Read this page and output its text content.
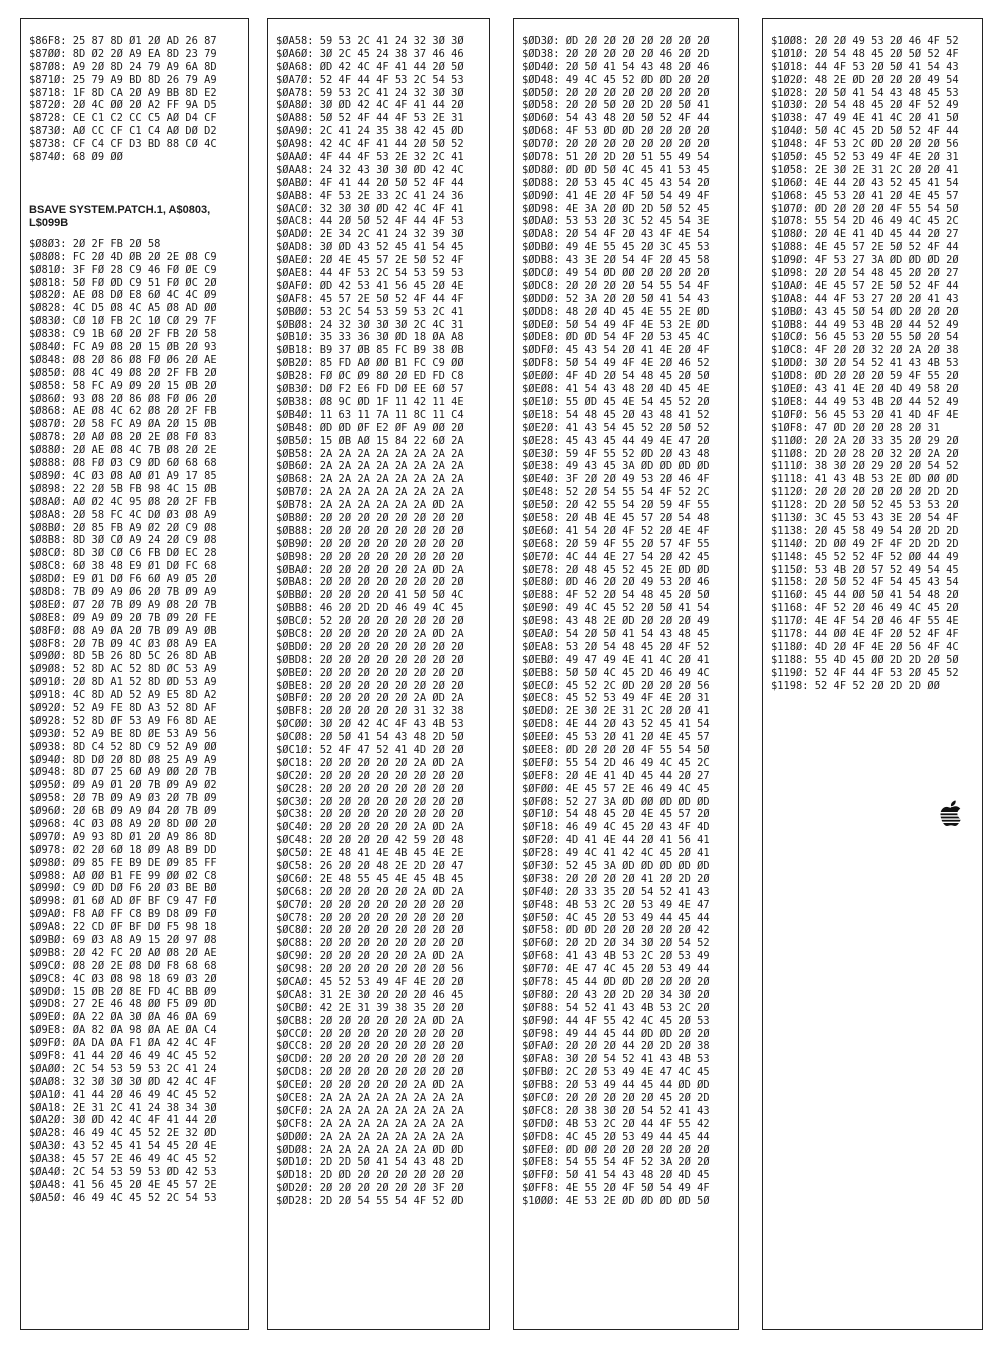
$86F8: 25 87 8D Ø1 2Ø AD 26 87
$87ØØ: 8D Ø2 2Ø A9 EA 8D 23 79
$87Ø8: A9 2Ø 8D 24 79 A9 6A 8D
$871Ø: 25 79 A9 BD 8D 26 79 A9
$8718: 1F 8D CA 2Ø A9 BB 8D E2
$872Ø: 2Ø 4C ØØ 2Ø A2 FF 9A D5
$8728: CE C1 C2 CC C5 AØ D4 CF
$873Ø: AØ CC CF C1 C4 AØ DØ D2
$8738: CF C4 CF D3 BD 88 CØ 4C
$874Ø: 68 Ø9 ØØ
BSAVE SYSTEM.PATCH.1, A$0803, L$099B
$Ø8Ø3: 2Ø 2F FB 2Ø 58
$Ø8Ø8: FC 2Ø 4D ØB 2Ø 2E Ø8 C9
$Ø81Ø: 3F FØ 28 C9 46 FØ ØE C9
$Ø818: 5Ø FØ ØD C9 51 FØ ØC 2Ø
$Ø82Ø: AE Ø8 DØ E8 6Ø 4C 4C Ø9
$Ø828: 4C D5 Ø8 4C A5 Ø8 AD ØØ
$Ø83Ø: CØ 1Ø FB 2C 1Ø CØ 29 7F
$Ø838: C9 1B 6Ø 2Ø 2F FB 2Ø 58
$Ø84Ø: FC A9 Ø8 2Ø 15 ØB 2Ø 93
$Ø848: Ø8 2Ø 86 Ø8 FØ Ø6 2Ø AE
$Ø85Ø: Ø8 4C 49 Ø8 2Ø 2F FB 2Ø
$Ø858: 58 FC A9 Ø9 2Ø 15 ØB 2Ø
$Ø86Ø: 93 Ø8 2Ø 86 Ø8 FØ Ø6 2Ø
$Ø868: AE Ø8 4C 62 Ø8 2Ø 2F FB
$Ø87Ø: 2Ø 58 FC A9 ØA 2Ø 15 ØB
$Ø878: 2Ø AØ Ø8 2Ø 2E Ø8 FØ 83
$Ø88Ø: 2Ø AE Ø8 4C 7B Ø8 2Ø 2E
$Ø888: Ø8 FØ Ø3 C9 ØD 6Ø 68 68
$Ø89Ø: 4C Ø3 Ø8 AØ Ø1 A9 17 85
$Ø898: 22 2Ø 5B FB 98 4C 15 ØB
$Ø8AØ: AØ Ø2 4C 95 Ø8 2Ø 2F FB
$Ø8A8: 2Ø 58 FC 4C DØ Ø3 Ø8 A9
$Ø8BØ: 2Ø 85 FB A9 Ø2 2Ø C9 Ø8
$Ø8B8: 8D 3Ø CØ A9 24 2Ø C9 Ø8
$Ø8CØ: 8D 3Ø CØ C6 FB DØ EC 28
$Ø8C8: 6Ø 38 48 E9 Ø1 DØ FC 68
$Ø8DØ: E9 Ø1 DØ F6 6Ø A9 Ø5 2Ø
$Ø8D8: 7B Ø9 A9 Ø6 2Ø 7B Ø9 A9
$Ø8EØ: Ø7 2Ø 7B Ø9 A9 Ø8 2Ø 7B
$Ø8E8: Ø9 A9 Ø9 2Ø 7B Ø9 2Ø FE
$Ø8FØ: Ø8 A9 ØA 2Ø 7B Ø9 A9 ØB
$Ø8F8: 2Ø 7B Ø9 4C Ø3 Ø8 A9 EA
$Ø9ØØ: 8D 5B 26 8D 5C 26 8D AB
$Ø9Ø8: 52 8D AC 52 8D ØC 53 A9
$Ø91Ø: 2Ø 8D A1 52 8D ØD 53 A9
$Ø918: 4C 8D AD 52 A9 E5 8D A2
$Ø92Ø: 52 A9 FE 8D A3 52 8D AF
$Ø928: 52 8D ØF 53 A9 F6 8D AE
$Ø93Ø: 52 A9 BE 8D ØE 53 A9 56
$Ø938: 8D C4 52 8D C9 52 A9 ØØ
$Ø94Ø: 8D DØ 2Ø 8D Ø8 25 A9 A9
$Ø948: 8D Ø7 25 6Ø A9 ØØ 2Ø 7B
$Ø95Ø: Ø9 A9 Ø1 2Ø 7B Ø9 A9 Ø2
$Ø958: 2Ø 7B Ø9 A9 Ø3 2Ø 7B Ø9
$Ø96Ø: 2Ø 6B Ø9 A9 Ø4 2Ø 7B Ø9
$Ø968: 4C Ø3 Ø8 A9 2Ø 8D ØØ 2Ø
$Ø97Ø: A9 93 8D Ø1 2Ø A9 86 8D
$Ø978: Ø2 2Ø 6Ø 18 Ø9 A8 B9 DD
$Ø98Ø: Ø9 85 FE B9 DE Ø9 85 FF
$Ø988: AØ ØØ B1 FE 99 ØØ Ø2 C8
$Ø99Ø: C9 ØD DØ F6 2Ø Ø3 BE BØ
$Ø998: Ø1 6Ø AD ØF BF C9 47 FØ
$Ø9AØ: F8 AØ FF C8 B9 D8 Ø9 FØ
$Ø9A8: 22 CD ØF BF DØ F5 98 18
$Ø9BØ: 69 Ø3 A8 A9 15 2Ø 97 Ø8
$Ø9B8: 2Ø 42 FC 2Ø AØ Ø8 2Ø AE
$Ø9CØ: Ø8 2Ø 2E Ø8 DØ F8 68 68
$Ø9C8: 4C Ø3 Ø8 98 18 69 Ø3 2Ø
$Ø9DØ: 15 ØB 2Ø 8E FD 4C BB Ø9
$Ø9D8: 27 2E 46 48 ØØ F5 Ø9 ØD
$Ø9EØ: ØA 22 ØA 3Ø ØA 46 ØA 69
$Ø9E8: ØA 82 ØA 98 ØA AE ØA C4
$Ø9FØ: ØA DA ØA F1 ØA 42 4C 4F
$Ø9F8: 41 44 2Ø 46 49 4C 45 52
$ØAØØ: 2C 54 53 59 53 2C 41 24
$ØAØ8: 32 3Ø 3Ø 3Ø ØD 42 4C 4F
$ØA1Ø: 41 44 2Ø 46 49 4C 45 52
$ØA18: 2E 31 2C 41 24 38 34 3Ø
$ØA2Ø: 3Ø ØD 42 4C 4F 41 44 2Ø
$ØA28: 46 49 4C 45 52 2E 32 ØD
$ØA3Ø: 43 52 45 41 54 45 2Ø 4E
$ØA38: 45 57 2E 46 49 4C 45 52
$ØA4Ø: 2C 54 53 59 53 ØD 42 53
$ØA48: 41 56 45 2Ø 4E 45 57 2E
$ØA5Ø: 46 49 4C 45 52 2C 54 53
$ØA58: 59 53 2C 41 24 32 3Ø 3Ø
$ØA6Ø: 3Ø 2C 45 24 38 37 46 46
$ØA68: ØD 42 4C 4F 41 44 2Ø 5Ø
$ØA7Ø: 52 4F 44 4F 53 2C 54 53
$ØA78: 59 53 2C 41 24 32 3Ø 3Ø
$ØA8Ø: 3Ø ØD 42 4C 4F 41 44 2Ø
$ØA88: 5Ø 52 4F 44 4F 53 2E 31
$ØA9Ø: 2C 41 24 35 38 42 45 ØD
$ØA98: 42 4C 4F 41 44 2Ø 5Ø 52
$ØAAØ: 4F 44 4F 53 2E 32 2C 41
$ØAA8: 24 32 43 3Ø 3Ø ØD 42 4C
$ØABØ: 4F 41 44 2Ø 5Ø 52 4F 44
$ØAB8: 4F 53 2E 33 2C 41 24 36
$ØACØ: 32 3Ø 3Ø ØD 42 4C 4F 41
$ØAC8: 44 2Ø 5Ø 52 4F 44 4F 53
$ØADØ: 2E 34 2C 41 24 32 39 3Ø
$ØAD8: 3Ø ØD 43 52 45 41 54 45
$ØAEØ: 2Ø 4E 45 57 2E 5Ø 52 4F
$ØAE8: 44 4F 53 2C 54 53 59 53
$ØAFØ: ØD 42 53 41 56 45 2Ø 4E
$ØAF8: 45 57 2E 5Ø 52 4F 44 4F
$ØBØØ: 53 2C 54 53 59 53 2C 41
$ØBØ8: 24 32 3Ø 3Ø 3Ø 2C 4C 31
$ØB1Ø: 35 33 36 3Ø ØD 18 ØA A8
$ØB18: B9 37 ØB 85 FC B9 38 ØB
$ØB2Ø: 85 FD AØ ØØ B1 FC C9 ØØ
$ØB28: FØ ØC Ø9 8Ø 2Ø ED FD C8
$ØB3Ø: DØ F2 E6 FD DØ EE 6Ø 57
$ØB38: Ø8 9C ØD 1F 11 42 11 4E
$ØB4Ø: 11 63 11 7A 11 8C 11 C4
$ØB48: ØD ØD ØF E2 ØF A9 ØØ 2Ø
$ØB5Ø: 15 ØB AØ 15 84 22 6Ø 2A
$ØB58: 2A 2A 2A 2A 2A 2A 2A 2A
$ØB6Ø: 2A 2A 2A 2A 2A 2A 2A 2A
$ØB68: 2A 2A 2A 2A 2A 2A 2A 2A
$ØB7Ø: 2A 2A 2A 2A 2A 2A 2A 2A
$ØB78: 2A 2A 2A 2A 2A 2A ØD 2A
$ØB8Ø: 2Ø 2Ø 2Ø 2Ø 2Ø 2Ø 2Ø 2Ø
$ØB88: 2Ø 2Ø 2Ø 2Ø 2Ø 2Ø 2Ø 2Ø
$ØB9Ø: 2Ø 2Ø 2Ø 2Ø 2Ø 2Ø 2Ø 2Ø
$ØB98: 2Ø 2Ø 2Ø 2Ø 2Ø 2Ø 2Ø 2Ø
$ØBAØ: 2Ø 2Ø 2Ø 2Ø 2Ø 2A ØD 2A
$ØBA8: 2Ø 2Ø 2Ø 2Ø 2Ø 2Ø 2Ø 2Ø
$ØBBØ: 2Ø 2Ø 2Ø 2Ø 41 5Ø 5Ø 4C
$ØBB8: 46 2Ø 2D 2D 46 49 4C 45
$ØBCØ: 52 2Ø 2Ø 2Ø 2Ø 2Ø 2Ø 2Ø
$ØBC8: 2Ø 2Ø 2Ø 2Ø 2Ø 2A ØD 2A
$ØBDØ: 2Ø 2Ø 2Ø 2Ø 2Ø 2Ø 2Ø 2Ø
$ØBD8: 2Ø 2Ø 2Ø 2Ø 2Ø 2Ø 2Ø 2Ø
$ØBEØ: 2Ø 2Ø 2Ø 2Ø 2Ø 2Ø 2Ø 2Ø
$ØBE8: 2Ø 2Ø 2Ø 2Ø 2Ø 2Ø 2Ø 2Ø
$ØBFØ: 2Ø 2Ø 2Ø 2Ø 2Ø 2A ØD 2A
$ØBF8: 2Ø 2Ø 2Ø 2Ø 2Ø 31 32 38
$ØCØØ: 3Ø 2Ø 42 4C 4F 43 4B 53
$ØCØ8: 2Ø 5Ø 41 54 43 48 2D 5Ø
$ØC1Ø: 52 4F 47 52 41 4D 2Ø 2Ø
$ØC18: 2Ø 2Ø 2Ø 2Ø 2Ø 2A ØD 2A
$ØC2Ø: 2Ø 2Ø 2Ø 2Ø 2Ø 2Ø 2Ø 2Ø
$ØC28: 2Ø 2Ø 2Ø 2Ø 2Ø 2Ø 2Ø 2Ø
$ØC3Ø: 2Ø 2Ø 2Ø 2Ø 2Ø 2Ø 2Ø 2Ø
$ØC38: 2Ø 2Ø 2Ø 2Ø 2Ø 2Ø 2Ø 2Ø
$ØC4Ø: 2Ø 2Ø 2Ø 2Ø 2Ø 2A ØD 2A
$ØC48: 2Ø 2Ø 2Ø 2Ø 42 59 2Ø 48
$ØC5Ø: 2E 48 41 4E 4B 45 4E 2E
$ØC58: 26 2Ø 2Ø 48 2E 2D 2Ø 47
$ØC6Ø: 2E 48 55 45 4E 45 4B 45
$ØC68: 2Ø 2Ø 2Ø 2Ø 2Ø 2A ØD 2A
$ØC7Ø: 2Ø 2Ø 2Ø 2Ø 2Ø 2Ø 2Ø 2Ø
$ØC78: 2Ø 2Ø 2Ø 2Ø 2Ø 2Ø 2Ø 2Ø
$ØC8Ø: 2Ø 2Ø 2Ø 2Ø 2Ø 2Ø 2Ø 2Ø
$ØC88: 2Ø 2Ø 2Ø 2Ø 2Ø 2Ø 2Ø 2Ø
$ØC9Ø: 2Ø 2Ø 2Ø 2Ø 2Ø 2A ØD 2A
$ØC98: 2Ø 2Ø 2Ø 2Ø 2Ø 2Ø 2Ø 56
$ØCAØ: 45 52 53 49 4F 4E 2Ø 2Ø
$ØCA8: 31 2E 3Ø 2Ø 2Ø 2Ø 46 45
$ØCBØ: 42 2E 31 39 38 35 2Ø 2Ø
$ØCB8: 2Ø 2Ø 2Ø 2Ø 2Ø 2A ØD 2A
$ØCCØ: 2Ø 2Ø 2Ø 2Ø 2Ø 2Ø 2Ø 2Ø
$ØCC8: 2Ø 2Ø 2Ø 2Ø 2Ø 2Ø 2Ø 2Ø
$ØCDØ: 2Ø 2Ø 2Ø 2Ø 2Ø 2Ø 2Ø 2Ø
$ØCD8: 2Ø 2Ø 2Ø 2Ø 2Ø 2Ø 2Ø 2Ø
$ØCEØ: 2Ø 2Ø 2Ø 2Ø 2Ø 2A ØD 2A
$ØCE8: 2A 2A 2A 2A 2A 2A 2A 2A
$ØCFØ: 2A 2A 2A 2A 2A 2A 2A 2A
$ØCF8: 2A 2A 2A 2A 2A 2A 2A 2A
$ØDØØ: 2A 2A 2A 2A 2A 2A 2A 2A
$ØDØ8: 2A 2A 2A 2A 2A 2A ØD ØD
$ØD1Ø: 2D 2D 5Ø 41 54 43 48 2D
$ØD18: 2D ØD 2Ø 2Ø 2Ø 2Ø 2Ø 2Ø
$ØD2Ø: 2Ø 2Ø 2Ø 2Ø 2Ø 2Ø 3F 2Ø
$ØD28: 2D 2Ø 54 55 54 4F 52 ØD
$ØD3Ø: ØD 2Ø 2Ø 2Ø 2Ø 2Ø 2Ø 2Ø
$ØD38: 2Ø 2Ø 2Ø 2Ø 2Ø 46 2Ø 2D
$ØD4Ø: 2Ø 5Ø 41 54 43 48 2Ø 46
$ØD48: 49 4C 45 52 ØD ØD 2Ø 2Ø
$ØD5Ø: 2Ø 2Ø 2Ø 2Ø 2Ø 2Ø 2Ø 2Ø
$ØD58: 2Ø 2Ø 5Ø 2Ø 2D 2Ø 5Ø 41
$ØD6Ø: 54 43 48 2Ø 5Ø 52 4F 44
$ØD68: 4F 53 ØD ØD 2Ø 2Ø 2Ø 2Ø
$ØD7Ø: 2Ø 2Ø 2Ø 2Ø 2Ø 2Ø 2Ø 2Ø
$ØD78: 51 2Ø 2D 2Ø 51 55 49 54
$ØD8Ø: ØD ØD 5Ø 4C 45 41 53 45
$ØD88: 2Ø 53 45 4C 45 43 54 2Ø
$ØD9Ø: 41 4E 2Ø 4F 5Ø 54 49 4F
$ØD98: 4E 3A 2Ø ØD 2D 5Ø 52 45
$ØDAØ: 53 53 2Ø 3C 52 45 54 3E
$ØDA8: 2Ø 54 4F 2Ø 43 4F 4E 54
$ØDBØ: 49 4E 55 45 2Ø 3C 45 53
$ØDB8: 43 3E 2Ø 54 4F 2Ø 45 58
$ØDCØ: 49 54 ØD ØØ 2Ø 2Ø 2Ø 2Ø
$ØDC8: 2Ø 2Ø 2Ø 2Ø 54 55 54 4F
$ØDDØ: 52 3A 2Ø 2Ø 5Ø 41 54 43
$ØDD8: 48 2Ø 4D 45 4E 55 2E ØD
$ØDEØ: 5Ø 54 49 4F 4E 53 2E ØD
$ØDE8: ØD ØD 54 4F 2Ø 53 45 4C
$ØDFØ: 45 43 54 2Ø 41 4E 2Ø 4F
$ØDF8: 5Ø 54 49 4F 4E 2Ø 46 52
$ØEØØ: 4F 4D 2Ø 54 48 45 2Ø 5Ø
$ØEØ8: 41 54 43 48 2Ø 4D 45 4E
$ØE1Ø: 55 ØD 45 4E 54 45 52 2Ø
$ØE18: 54 48 45 2Ø 43 48 41 52
$ØE2Ø: 41 43 54 45 52 2Ø 5Ø 52
$ØE28: 45 43 45 44 49 4E 47 2Ø
$ØE3Ø: 59 4F 55 52 ØD 2Ø 43 48
$ØE38: 49 43 45 3A ØD ØD ØD ØD
$ØE4Ø: 3F 2Ø 2Ø 49 53 2Ø 46 4F
$ØE48: 52 2Ø 54 55 54 4F 52 2C
$ØE5Ø: 2Ø 42 55 54 2Ø 59 4F 55
$ØE58: 2Ø 4B 4E 45 57 2Ø 54 48
$ØE6Ø: 41 54 2Ø 4F 52 2Ø 4E 4F
$ØE68: 2Ø 59 4F 55 2Ø 57 4F 55
$ØE7Ø: 4C 44 4E 27 54 2Ø 42 45
$ØE78: 2Ø 48 45 52 45 2E ØD ØD
$ØE8Ø: ØD 46 2Ø 2Ø 49 53 2Ø 46
$ØE88: 4F 52 2Ø 54 48 45 2Ø 5Ø
$ØE9Ø: 49 4C 45 52 2Ø 5Ø 41 54
$ØE98: 43 48 2E ØD 2Ø 2Ø 2Ø 49
$ØEAØ: 54 2Ø 5Ø 41 54 43 48 45
$ØEA8: 53 2Ø 54 48 45 2Ø 4F 52
$ØEBØ: 49 47 49 4E 41 4C 2Ø 41
$ØEB8: 5Ø 5Ø 4C 45 2D 46 49 4C
$ØECØ: 45 52 2C ØD 2Ø 2Ø 2Ø 56
$ØEC8: 45 52 53 49 4F 4E 2Ø 31
$ØEDØ: 2E 3Ø 2E 31 2C 2Ø 2Ø 41
$ØED8: 4E 44 2Ø 43 52 45 41 54
$ØEEØ: 45 53 2Ø 41 2Ø 4E 45 57
$ØEE8: ØD 2Ø 2Ø 2Ø 4F 55 54 5Ø
$ØEFØ: 55 54 2D 46 49 4C 45 2C
$ØEF8: 2Ø 4E 41 4D 45 44 2Ø 27
$ØFØØ: 4E 45 57 2E 46 49 4C 45
$ØFØ8: 52 27 3A ØD ØØ ØD ØD ØD
$ØF1Ø: 54 48 45 2Ø 4E 45 57 2Ø
$ØF18: 46 49 4C 45 2Ø 43 4F 4D
$ØF2Ø: 4D 41 4E 44 2Ø 41 56 41
$ØF28: 49 4C 41 42 4C 45 2Ø 41
$ØF3Ø: 52 45 3A ØD ØD ØD ØD ØD
$ØF38: 2Ø 2Ø 2Ø 2Ø 41 2Ø 2D 2Ø
$ØF4Ø: 2Ø 33 35 2Ø 54 52 41 43
$ØF48: 4B 53 2C 2Ø 53 49 4E 47
$ØF5Ø: 4C 45 2Ø 53 49 44 45 44
$ØF58: ØD ØD 2Ø 2Ø 2Ø 2Ø 2Ø 42
$ØF6Ø: 2Ø 2D 2Ø 34 3Ø 2Ø 54 52
$ØF68: 41 43 4B 53 2C 2Ø 53 49
$ØF7Ø: 4E 47 4C 45 2Ø 53 49 44
$ØF78: 45 44 ØD ØD 2Ø 2Ø 2Ø 2Ø
$ØF8Ø: 2Ø 43 2Ø 2D 2Ø 34 3Ø 2Ø
$ØF88: 54 52 41 43 4B 53 2C 2Ø
$ØF9Ø: 44 4F 55 42 4C 45 2Ø 53
$ØF98: 49 44 45 44 ØD ØD 2Ø 2Ø
$ØFAØ: 2Ø 2Ø 2Ø 44 2Ø 2D 2Ø 38
$ØFA8: 3Ø 2Ø 54 52 41 43 4B 53
$ØFBØ: 2C 2Ø 53 49 4E 47 4C 45
$ØFB8: 2Ø 53 49 44 45 44 ØD ØD
$ØFCØ: 2Ø 2Ø 2Ø 2Ø 2Ø 45 2Ø 2D
$ØFC8: 2Ø 38 3Ø 2Ø 54 52 41 43
$ØFDØ: 4B 53 2C 2Ø 44 4F 55 42
$ØFD8: 4C 45 2Ø 53 49 44 45 44
$ØFEØ: ØD ØØ 2Ø 2Ø 2Ø 2Ø 2Ø 2Ø
$ØFE8: 54 55 54 4F 52 3A 2Ø 2Ø
$ØFFØ: 5Ø 41 54 43 48 2Ø 4D 45
$ØFF8: 4E 55 2Ø 4F 5Ø 54 49 4F
$1ØØØ: 4E 53 2E ØD ØD ØD ØD 5Ø
$1ØØ8: 2Ø 2Ø 49 53 2Ø 46 4F 52
$1Ø1Ø: 2Ø 54 48 45 2Ø 5Ø 52 4F
$1Ø18: 44 4F 53 2Ø 5Ø 41 54 43
$1Ø2Ø: 48 2E ØD 2Ø 2Ø 2Ø 49 54
$1Ø28: 2Ø 5Ø 41 54 43 48 45 53
$1Ø3Ø: 2Ø 54 48 45 2Ø 4F 52 49
$1Ø38: 47 49 4E 41 4C 2Ø 41 5Ø
$1Ø4Ø: 5Ø 4C 45 2D 5Ø 52 4F 44
$1Ø48: 4F 53 2C ØD 2Ø 2Ø 2Ø 56
$1Ø5Ø: 45 52 53 49 4F 4E 2Ø 31
$1Ø58: 2E 3Ø 2E 31 2C 2Ø 2Ø 41
$1Ø6Ø: 4E 44 2Ø 43 52 45 41 54
$1Ø68: 45 53 2Ø 41 2Ø 4E 45 57
$1Ø7Ø: ØD 2Ø 2Ø 2Ø 4F 55 54 5Ø
$1Ø78: 55 54 2D 46 49 4C 45 2C
$1Ø8Ø: 2Ø 4E 41 4D 45 44 2Ø 27
$1Ø88: 4E 45 57 2E 5Ø 52 4F 44
$1Ø9Ø: 4F 53 27 3A ØD ØD ØD 2Ø
$1Ø98: 2Ø 2Ø 54 48 45 2Ø 2Ø 27
$1ØAØ: 4E 45 57 2E 5Ø 52 4F 44
$1ØA8: 44 4F 53 27 2Ø 2Ø 41 43
$1ØBØ: 43 45 5Ø 54 ØD 2Ø 2Ø 2Ø
$1ØB8: 44 49 53 4B 2Ø 44 52 49
$1ØCØ: 56 45 53 2Ø 55 5Ø 2Ø 54
$1ØC8: 4F 2Ø 2Ø 32 2Ø 2A 2Ø 38
$1ØDØ: 3Ø 2Ø 54 52 41 43 4B 53
$1ØD8: ØD 2Ø 2Ø 2Ø 59 4F 55 2Ø
$1ØEØ: 43 41 4E 2Ø 4D 49 58 2Ø
$1ØE8: 44 49 53 4B 2Ø 44 52 49
$1ØFØ: 56 45 53 2Ø 41 4D 4F 4E
$1ØF8: 47 ØD 2Ø 2Ø 28 2Ø 31
$11ØØ: 2Ø 2A 2Ø 33 35 2Ø 29 2Ø
$11Ø8: 2D 2Ø 28 2Ø 32 2Ø 2A 2Ø
$111Ø: 38 3Ø 2Ø 29 2Ø 2Ø 54 52
$1118: 41 43 4B 53 2E ØD ØØ ØD
$112Ø: 2Ø 2Ø 2Ø 2Ø 2Ø 2Ø 2D 2D
$1128: 2D 2Ø 5Ø 52 45 53 53 2Ø
$113Ø: 3C 45 53 43 3E 2Ø 54 4F
$1138: 2Ø 45 58 49 54 2Ø 2D 2D
$114Ø: 2D ØØ 49 2F 4F 2D 2D 2D
$1148: 45 52 52 4F 52 ØØ 44 49
$115Ø: 53 4B 2Ø 57 52 49 54 45
$1158: 2Ø 5Ø 52 4F 54 45 43 54
$116Ø: 45 44 ØØ 5Ø 41 54 48 2Ø
$1168: 4F 52 2Ø 46 49 4C 45 2Ø
$117Ø: 4E 4F 54 2Ø 46 4F 55 4E
$1178: 44 ØØ 4E 4F 2Ø 52 4F 4F
$118Ø: 4D 2Ø 4F 4E 2Ø 56 4F 4C
$1188: 55 4D 45 ØØ 2D 2D 2Ø 5Ø
$119Ø: 52 4F 44 4F 53 2Ø 45 52
$1198: 52 4F 52 2Ø 2D 2D ØØ
